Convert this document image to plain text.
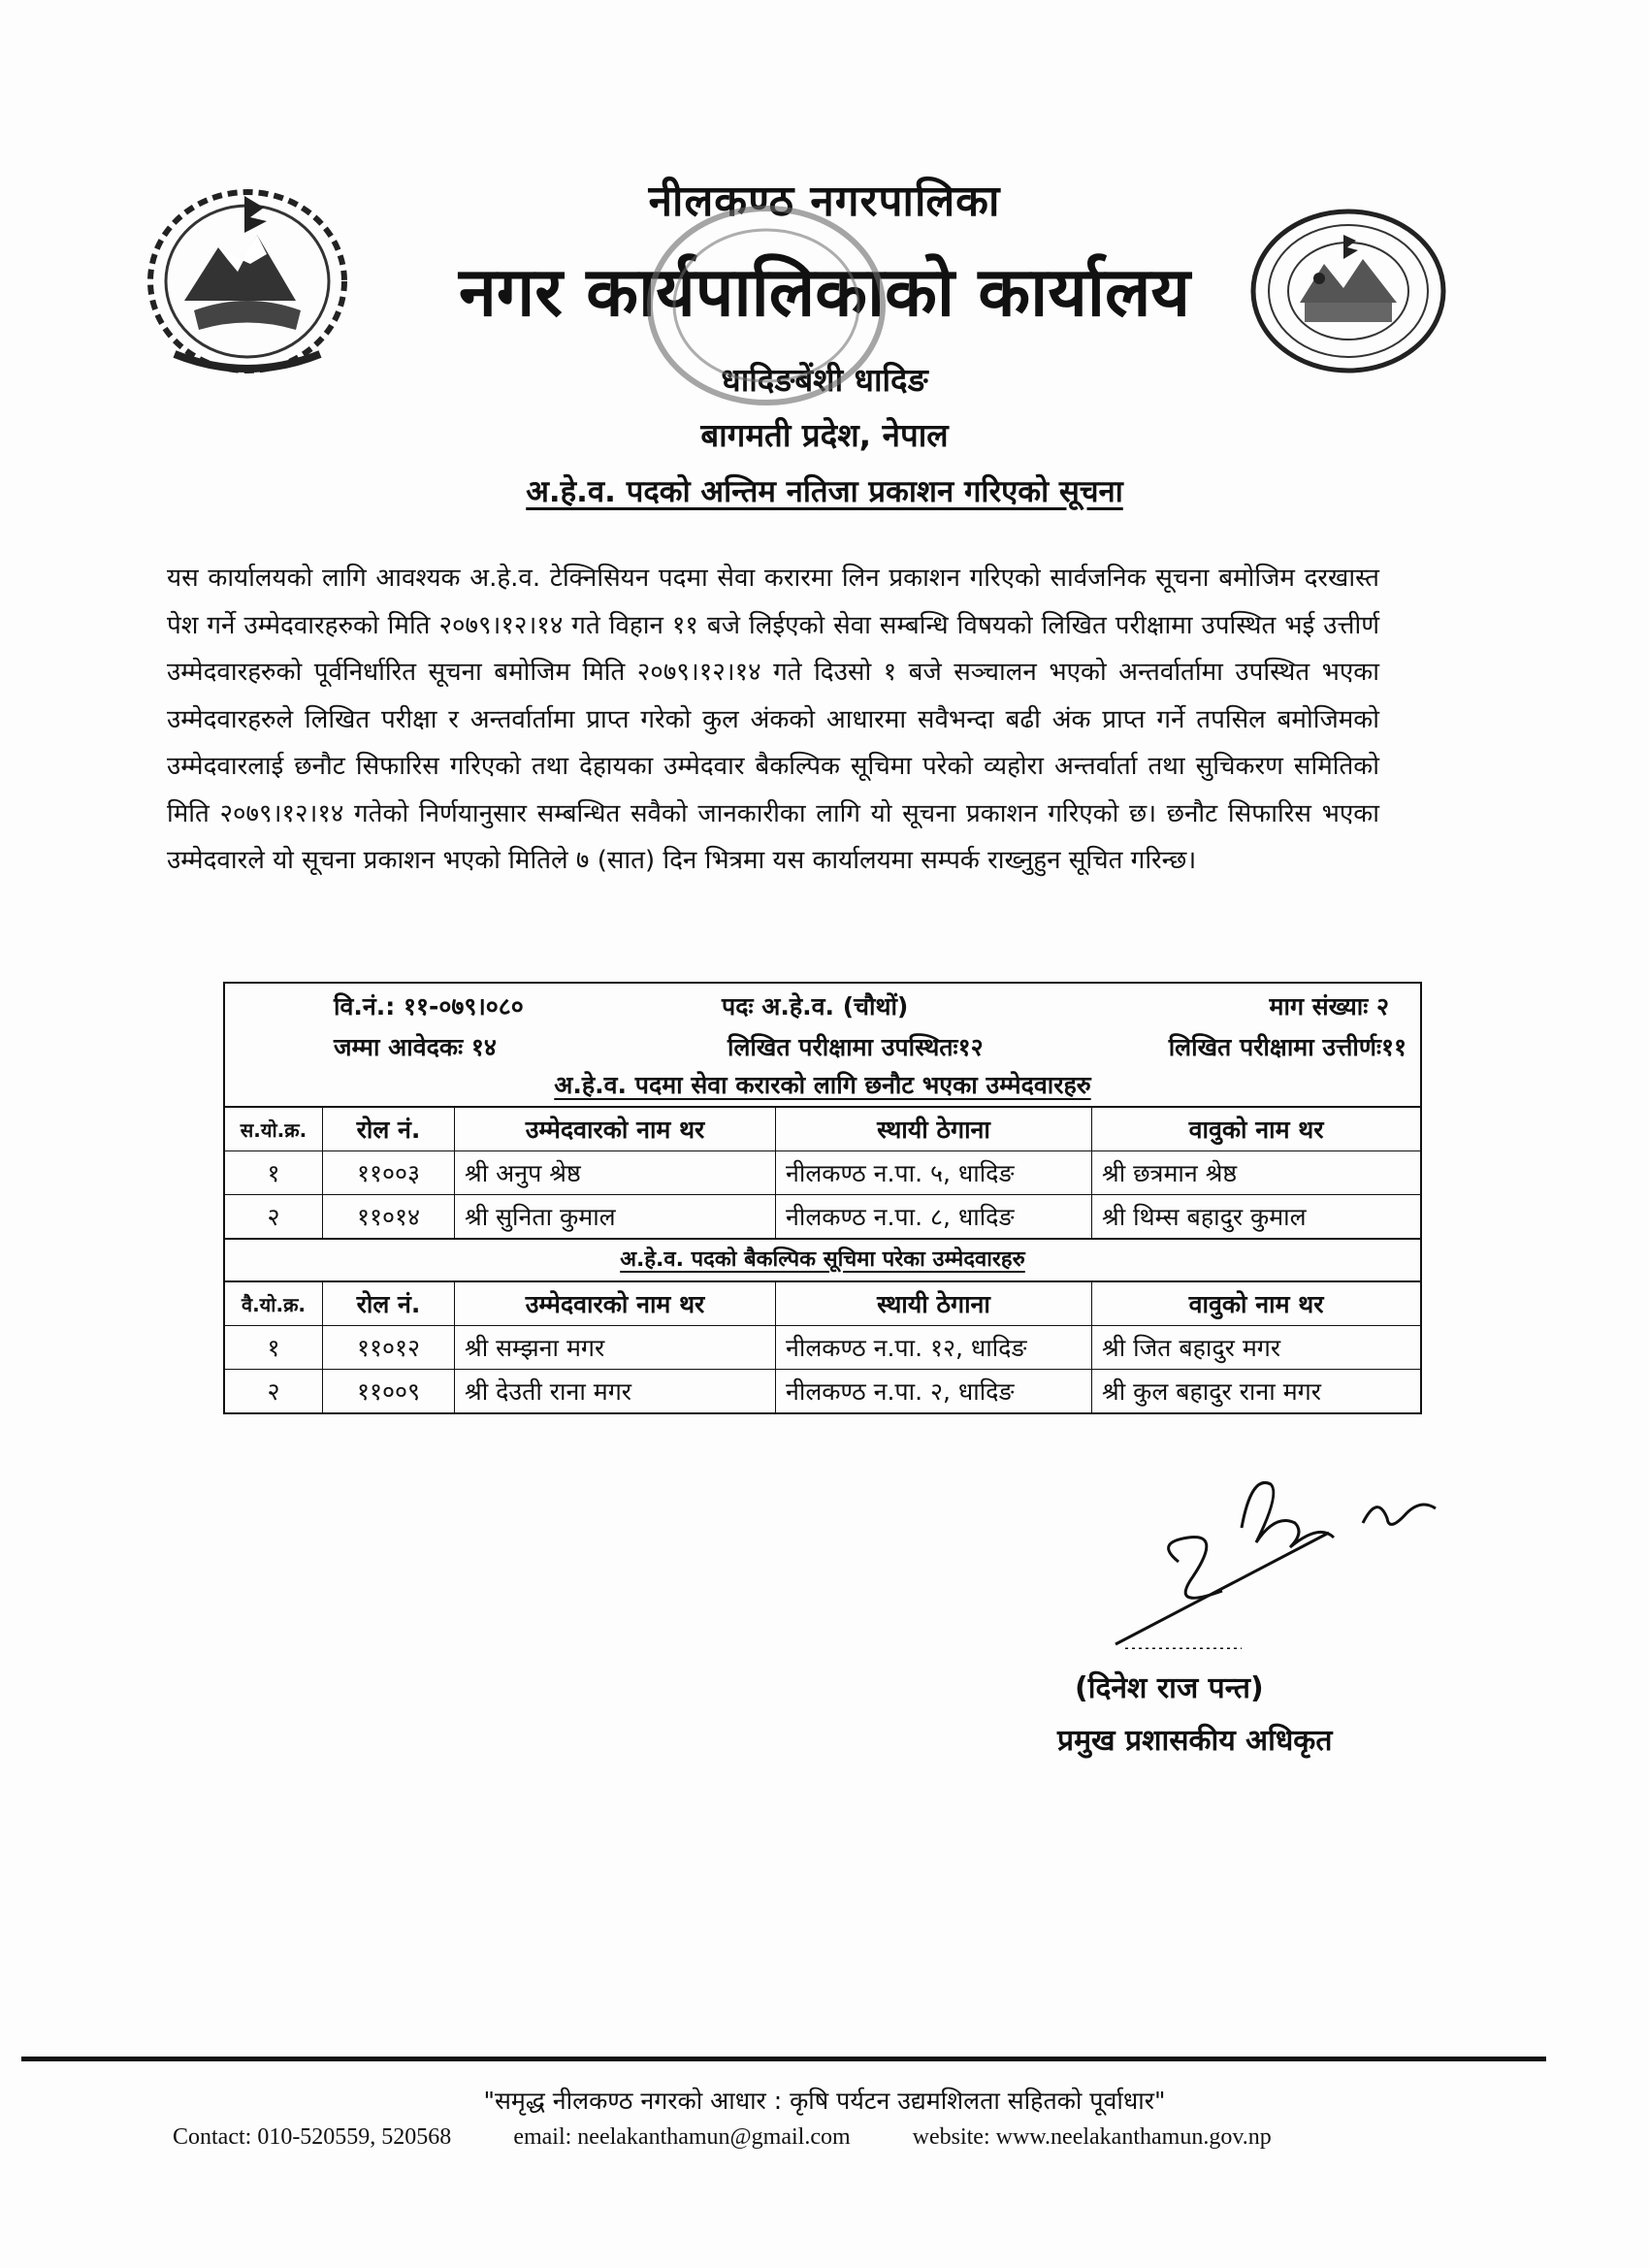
नीलकण्ठ नगरपालिका
नगर कार्यपालिकाको कार्यालय
धादिङबेंशी धादिङ
बागमती प्रदेश, नेपाल
अ.हे.व. पदको अन्तिम नतिजा प्रकाशन गरिएको सूचना
यस कार्यालयको लागि आवश्यक अ.हे.व. टेक्निसियन पदमा सेवा करारमा लिन प्रकाशन गरिएको सार्वजनिक सूचना बमोजिम दरखास्त पेश गर्ने उम्मेदवारहरुको मिति २०७९।१२।१४ गते विहान ११ बजे लिईएको सेवा सम्बन्धि विषयको लिखित परीक्षामा उपस्थित भई उत्तीर्ण उम्मेदवारहरुको पूर्वनिर्धारित सूचना बमोजिम मिति २०७९।१२।१४ गते दिउसो १ बजे सञ्चालन भएको अन्तर्वार्तामा उपस्थित भएका उम्मेदवारहरुले लिखित परीक्षा र अन्तर्वार्तामा प्राप्त गरेको कुल अंकको आधारमा सवैभन्दा बढी अंक प्राप्त गर्ने तपसिल बमोजिमको उम्मेदवारलाई छनौट सिफारिस गरिएको तथा देहायका उम्मेदवार बैकल्पिक सूचिमा परेको व्यहोरा अन्तर्वार्ता तथा सुचिकरण समितिको मिति २०७९।१२।१४ गतेको निर्णयानुसार सम्बन्धित सवैको जानकारीका लागि यो सूचना प्रकाशन गरिएको छ। छनौट सिफारिस भएका उम्मेदवारले यो सूचना प्रकाशन भएको मितिले ७ (सात) दिन भित्रमा यस कार्यालयमा सम्पर्क राख्नुहुन सूचित गरिन्छ।
वि.नं.: ११-०७९।०८०	पदः अ.हे.व. (चौथों)	माग संख्याः २
जम्मा आवेदकः १४	लिखित परीक्षामा उपस्थितः१२	लिखित परीक्षामा उत्तीर्णः११
अ.हे.व. पदमा सेवा करारको लागि छनौट भएका उम्मेदवारहरु
स.यो.क्र.	रोल नं.	उम्मेदवारको नाम थर	स्थायी ठेगाना	वावुको नाम थर
१	११००३	श्री अनुप श्रेष्ठ	नीलकण्ठ न.पा. ५, धादिङ	श्री छत्रमान श्रेष्ठ
२	११०१४	श्री सुनिता कुमाल	नीलकण्ठ न.पा. ८, धादिङ	श्री थिम्स बहादुर कुमाल
अ.हे.व. पदको बैकल्पिक सूचिमा परेका उम्मेदवारहरु
वै.यो.क्र.	रोल नं.	उम्मेदवारको नाम थर	स्थायी ठेगाना	वावुको नाम थर
१	११०१२	श्री सम्झना मगर	नीलकण्ठ न.पा. १२, धादिङ	श्री जित बहादुर मगर
२	११००९	श्री देउती राना मगर	नीलकण्ठ न.पा. २, धादिङ	श्री कुल बहादुर राना मगर
(दिनेश राज पन्त)
प्रमुख प्रशासकीय अधिकृत
"समृद्ध नीलकण्ठ नगरको आधार : कृषि पर्यटन उद्यमशिलता सहितको पूर्वाधार"
Contact: 010-520559, 520568	email: neelakanthamun@gmail.com	website: www.neelakanthamun.gov.np
